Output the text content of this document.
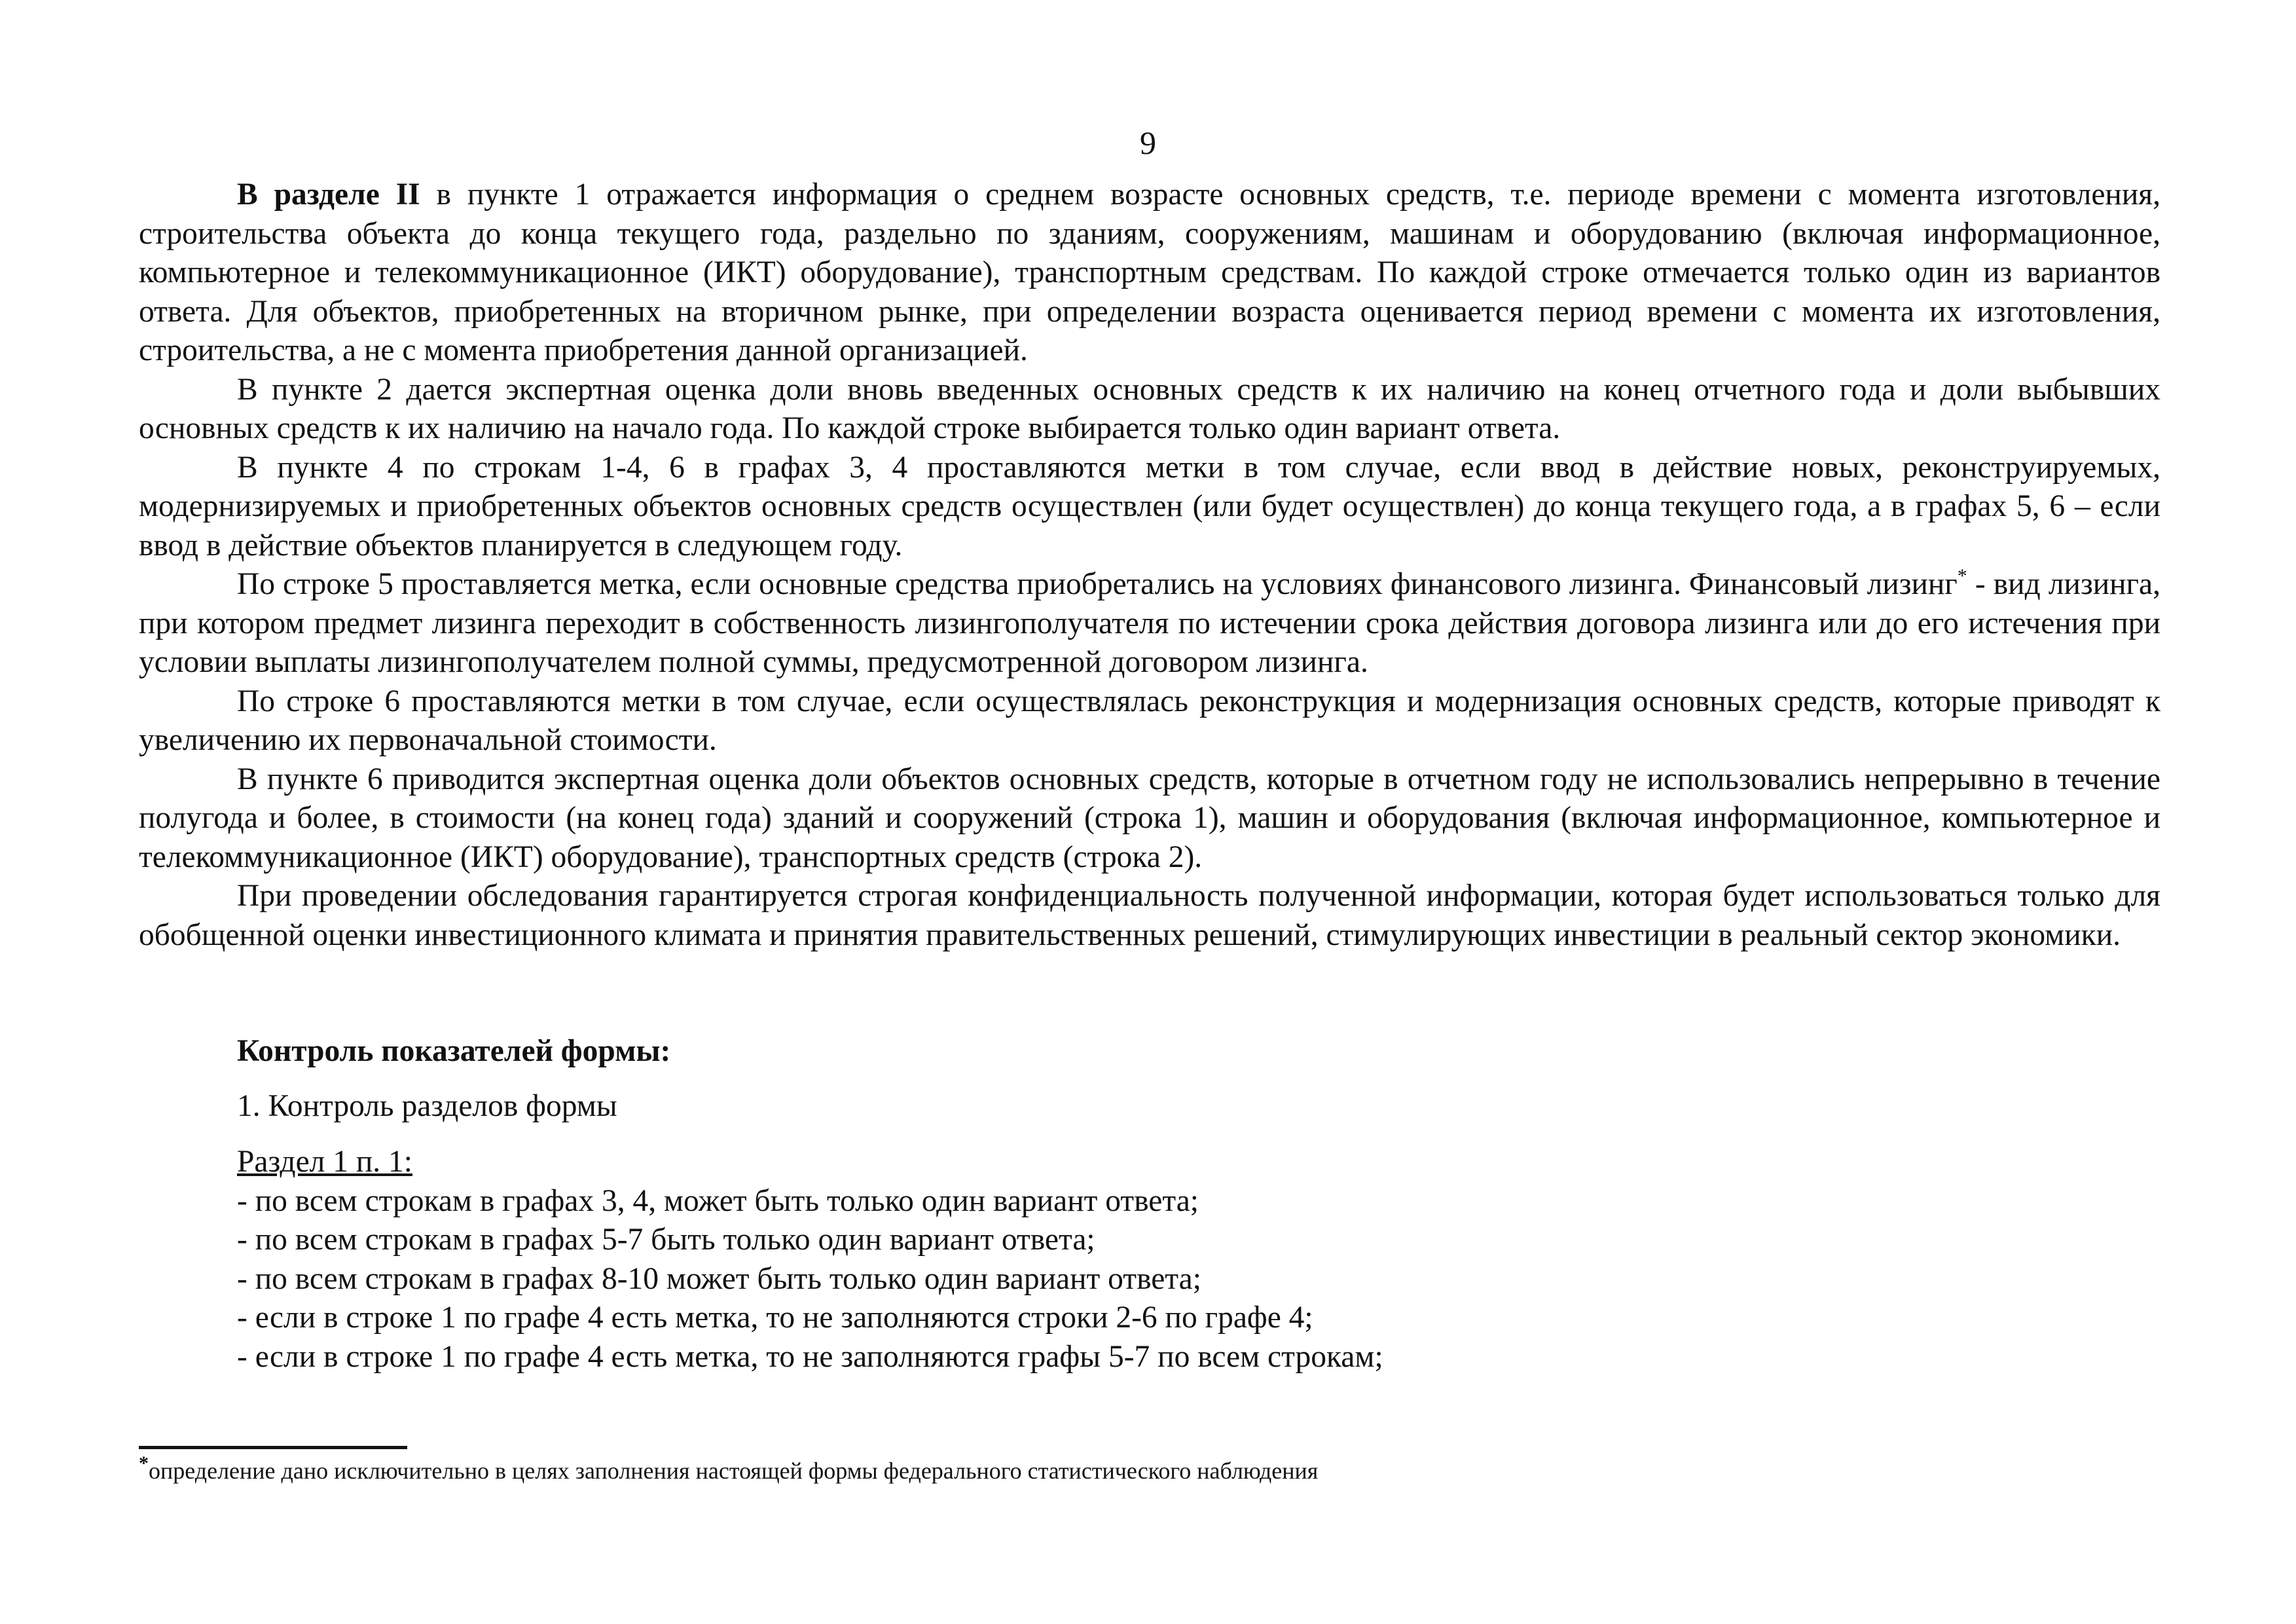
9

В разделе II в пункте 1 отражается информация о среднем возрасте основных средств, т.е. периоде времени с момента изготовления, строительства объекта до конца текущего года, раздельно по зданиям, сооружениям, машинам и оборудованию (включая информационное, компьютерное и телекоммуникационное (ИКТ) оборудование), транспортным средствам. По каждой строке отмечается только один из вариантов ответа. Для объектов, приобретенных на вторичном рынке, при определении возраста оценивается период времени с момента их изготовления, строительства, а не с момента приобретения данной организацией.

В пункте 2 дается экспертная оценка доли вновь введенных основных средств к их наличию на конец отчетного года и доли выбывших основных средств к их наличию на начало года. По каждой строке выбирается только один вариант ответа.

В пункте 4 по строкам 1-4, 6 в графах 3, 4 проставляются метки в том случае, если ввод в действие новых, реконструируемых, модернизируемых и приобретенных объектов основных средств осуществлен (или будет осуществлен) до конца текущего года, а в графах 5, 6 – если ввод в действие объектов планируется в следующем году.

По строке 5 проставляется метка, если основные средства приобретались на условиях финансового лизинга. Финансовый лизинг* - вид лизинга, при котором предмет лизинга переходит в собственность лизингополучателя по истечении срока действия договора лизинга или до его истечения при условии выплаты лизингополучателем полной суммы, предусмотренной договором лизинга.

По строке 6 проставляются метки в том случае, если осуществлялась реконструкция и модернизация основных средств, которые приводят к увеличению их первоначальной стоимости.

В пункте 6 приводится экспертная оценка доли объектов основных средств, которые в отчетном году не использовались непрерывно в течение полугода и более, в стоимости (на конец года) зданий и сооружений (строка 1), машин и оборудования (включая информационное, компьютерное и телекоммуникационное (ИКТ) оборудование), транспортных средств (строка 2).

При проведении обследования гарантируется строгая конфиденциальность полученной информации, которая будет использоваться только для обобщенной оценки инвестиционного климата и принятия правительственных решений, стимулирующих инвестиции в реальный сектор экономики.

Контроль показателей формы:
1. Контроль разделов формы
Раздел 1 п. 1:
- по всем строкам в графах 3, 4, может быть только один вариант ответа;
- по всем строкам в графах 5-7 быть только один вариант ответа;
- по всем строкам в графах 8-10 может быть только один вариант ответа;
- если в строке 1 по графе 4 есть метка, то не заполняются строки 2-6 по графе 4;
- если в строке 1 по графе 4 есть метка, то не заполняются графы 5-7 по всем строкам;
*определение дано исключительно в целях заполнения настоящей формы федерального статистического наблюдения
